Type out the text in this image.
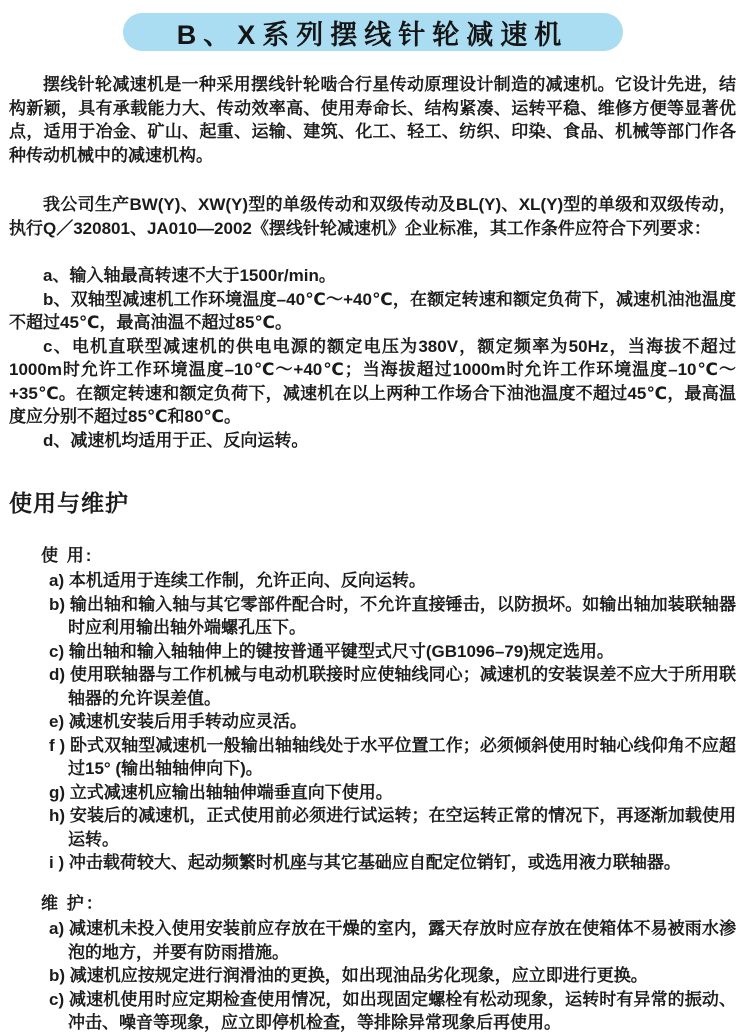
B、X系列摆线针轮减速机

摆线针轮减速机是一种采用摆线针轮啮合行星传动原理设计制造的减速机。它设计先进，结构新颖，具有承载能力大、传动效率高、使用寿命长、结构紧凑、运转平稳、维修方便等显著优点，适用于冶金、矿山、起重、运输、建筑、化工、轻工、纺织、印染、食品、机械等部门作各种传动机械中的减速机构。

我公司生产BW(Y)、XW(Y)型的单级传动和双级传动及BL(Y)、XL(Y)型的单级和双级传动，执行Q／320801、JA010—2002《摆线针轮减速机》企业标准，其工作条件应符合下列要求：

a、输入轴最高转速不大于1500r/min。

b、双轴型减速机工作环境温度–40℃～+40℃，在额定转速和额定负荷下，减速机油池温度不超过45℃，最高油温不超过85℃。

c、电机直联型减速机的供电电源的额定电压为380V，额定频率为50Hz，当海拔不超过1000m时允许工作环境温度–10℃～+40℃；当海拔超过1000m时允许工作环境温度–10℃～+35℃。在额定转速和额定负荷下，减速机在以上两种工作场合下油池温度不超过45℃，最高温度应分别不超过85℃和80℃。

d、减速机均适用于正、反向运转。

使用与维护

使 用:

a) 本机适用于连续工作制，允许正向、反向运转。

b) 输出轴和输入轴与其它零部件配合时，不允许直接锤击，以防损坏。如输出轴加装联轴器时应利用输出轴外端螺孔压下。

c) 输出轴和输入轴轴伸上的键按普通平键型式尺寸(GB1096–79)规定选用。

d) 使用联轴器与工作机械与电动机联接时应使轴线同心；减速机的安装误差不应大于所用联轴器的允许误差值。

e) 减速机安装后用手转动应灵活。

f ) 卧式双轴型减速机一般输出轴轴线处于水平位置工作；必须倾斜使用时轴心线仰角不应超过15° (输出轴轴伸向下)。

g) 立式减速机应输出轴轴伸端垂直向下使用。

h) 安装后的减速机，正式使用前必须进行试运转；在空运转正常的情况下，再逐渐加载使用运转。

i ) 冲击载荷较大、起动频繁时机座与其它基础应自配定位销钉，或选用液力联轴器。

维 护：

a) 减速机未投入使用安装前应存放在干燥的室内，露天存放时应存放在使箱体不易被雨水渗泡的地方，并要有防雨措施。

b) 减速机应按规定进行润滑油的更换，如出现油品劣化现象，应立即进行更换。

c) 减速机使用时应定期检查使用情况，如出现固定螺栓有松动现象，运转时有异常的振动、冲击、噪音等现象，应立即停机检查，等排除异常现象后再使用。
